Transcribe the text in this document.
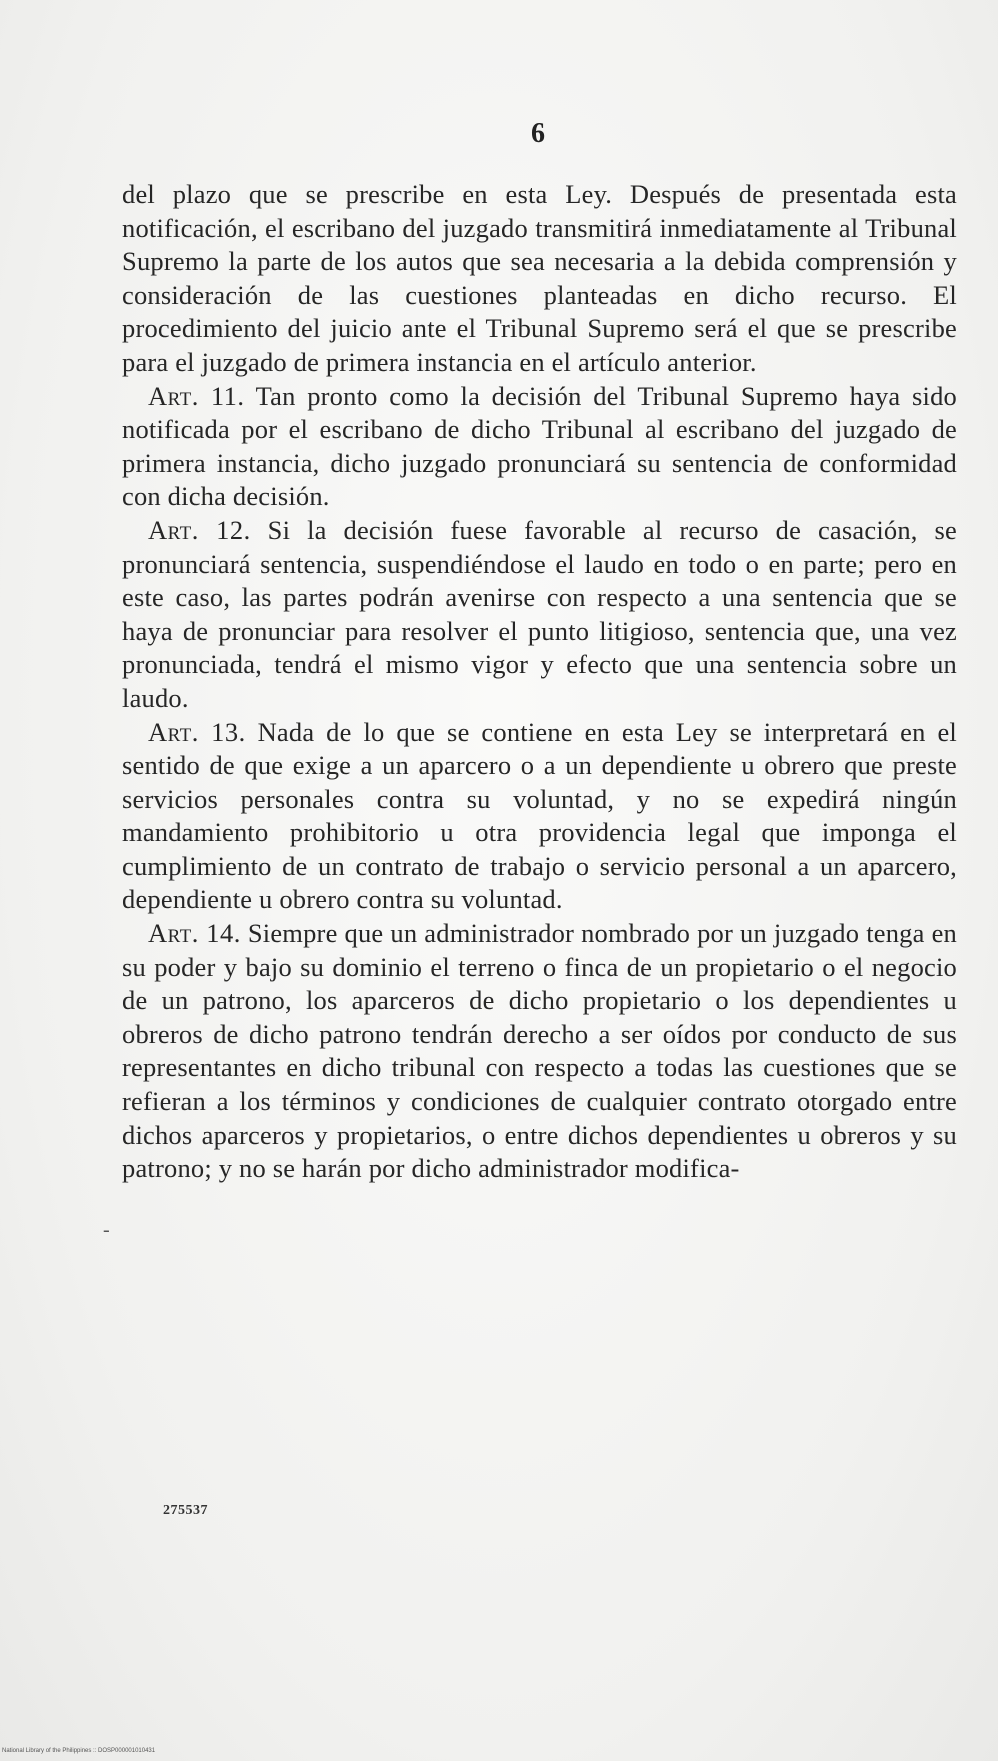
6

del plazo que se prescribe en esta Ley. Después de presentada esta notificación, el escribano del juzgado transmitirá inmediatamente al Tribunal Supremo la parte de los autos que sea necesaria a la debida comprensión y consideración de las cuestiones planteadas en dicho recurso. El procedimiento del juicio ante el Tribunal Supremo será el que se prescribe para el juzgado de primera instancia en el artículo anterior.

Art. 11. Tan pronto como la decisión del Tribunal Supremo haya sido notificada por el escribano de dicho Tribunal al escribano del juzgado de primera instancia, dicho juzgado pronunciará su sentencia de conformidad con dicha decisión.

Art. 12. Si la decisión fuese favorable al recurso de casación, se pronunciará sentencia, suspendiéndose el laudo en todo o en parte; pero en este caso, las partes podrán avenirse con respecto a una sentencia que se haya de pronunciar para resolver el punto litigioso, sentencia que, una vez pronunciada, tendrá el mismo vigor y efecto que una sentencia sobre un laudo.

Art. 13. Nada de lo que se contiene en esta Ley se interpretará en el sentido de que exige a un aparcero o a un dependiente u obrero que preste servicios personales contra su voluntad, y no se expedirá ningún mandamiento prohibitorio u otra providencia legal que imponga el cumplimiento de un contrato de trabajo o servicio personal a un aparcero, dependiente u obrero contra su voluntad.

Art. 14. Siempre que un administrador nombrado por un juzgado tenga en su poder y bajo su dominio el terreno o finca de un propietario o el negocio de un patrono, los aparceros de dicho propietario o los dependientes u obreros de dicho patrono tendrán derecho a ser oídos por conducto de sus representantes en dicho tribunal con respecto a todas las cuestiones que se refieran a los términos y condiciones de cualquier contrato otorgado entre dichos aparceros y propietarios, o entre dichos dependientes u obreros y su patrono; y no se harán por dicho administrador modifica-

-
275537
National Library of the Philippines :: DOSP000001010431
